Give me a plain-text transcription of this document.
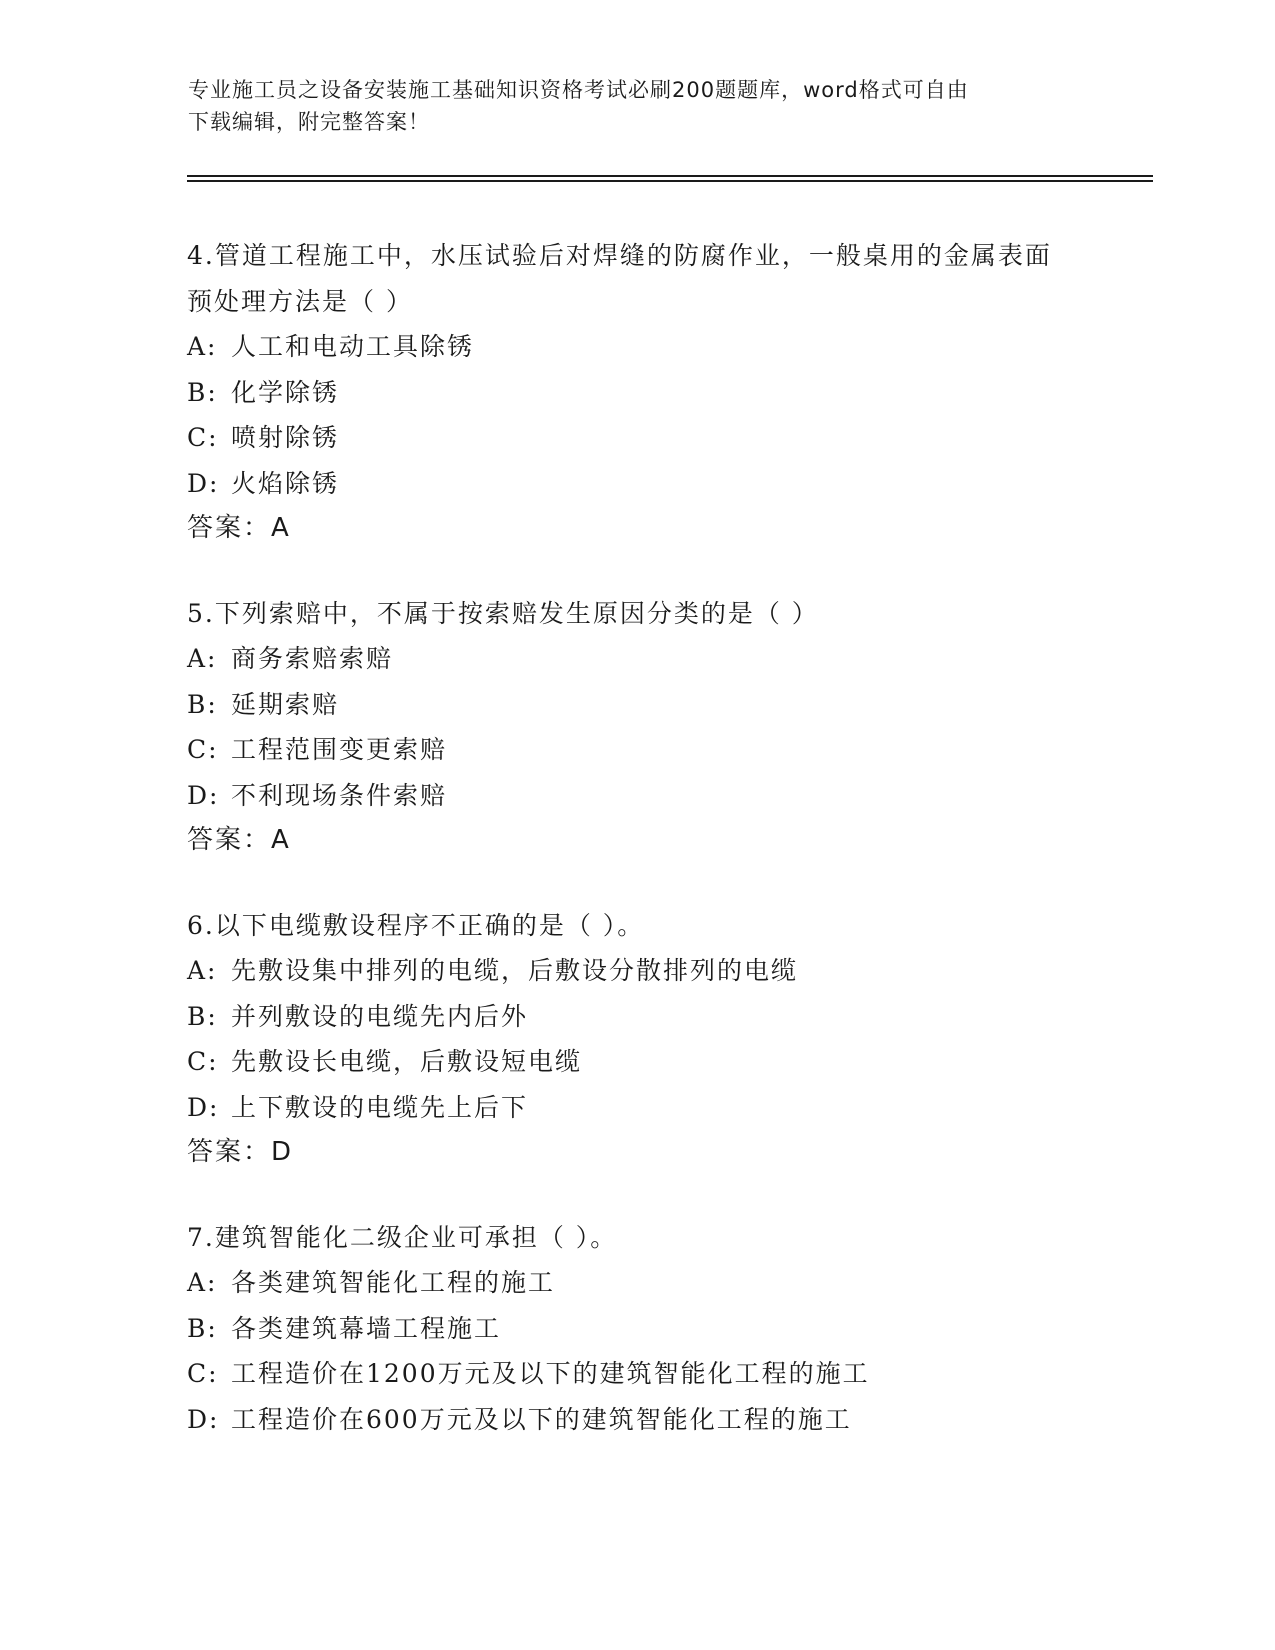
专业施工员之设备安装施工基础知识资格考试必刷200题题库，word格式可自由
下载编辑，附完整答案！
4.管道工程施工中，水压试验后对焊缝的防腐作业，一般桌用的金属表面预处理方法是（ ）
A: 人工和电动工具除锈
B: 化学除锈
C: 喷射除锈
D: 火焰除锈
答案：A
5.下列索赔中，不属于按索赔发生原因分类的是（ ）
A: 商务索赔索赔
B: 延期索赔
C: 工程范围变更索赔
D: 不利现场条件索赔
答案：A
6.以下电缆敷设程序不正确的是（ ）。
A: 先敷设集中排列的电缆，后敷设分散排列的电缆
B: 并列敷设的电缆先内后外
C: 先敷设长电缆，后敷设短电缆
D: 上下敷设的电缆先上后下
答案：D
7.建筑智能化二级企业可承担（ ）。
A: 各类建筑智能化工程的施工
B: 各类建筑幕墙工程施工
C: 工程造价在1200万元及以下的建筑智能化工程的施工
D: 工程造价在600万元及以下的建筑智能化工程的施工
